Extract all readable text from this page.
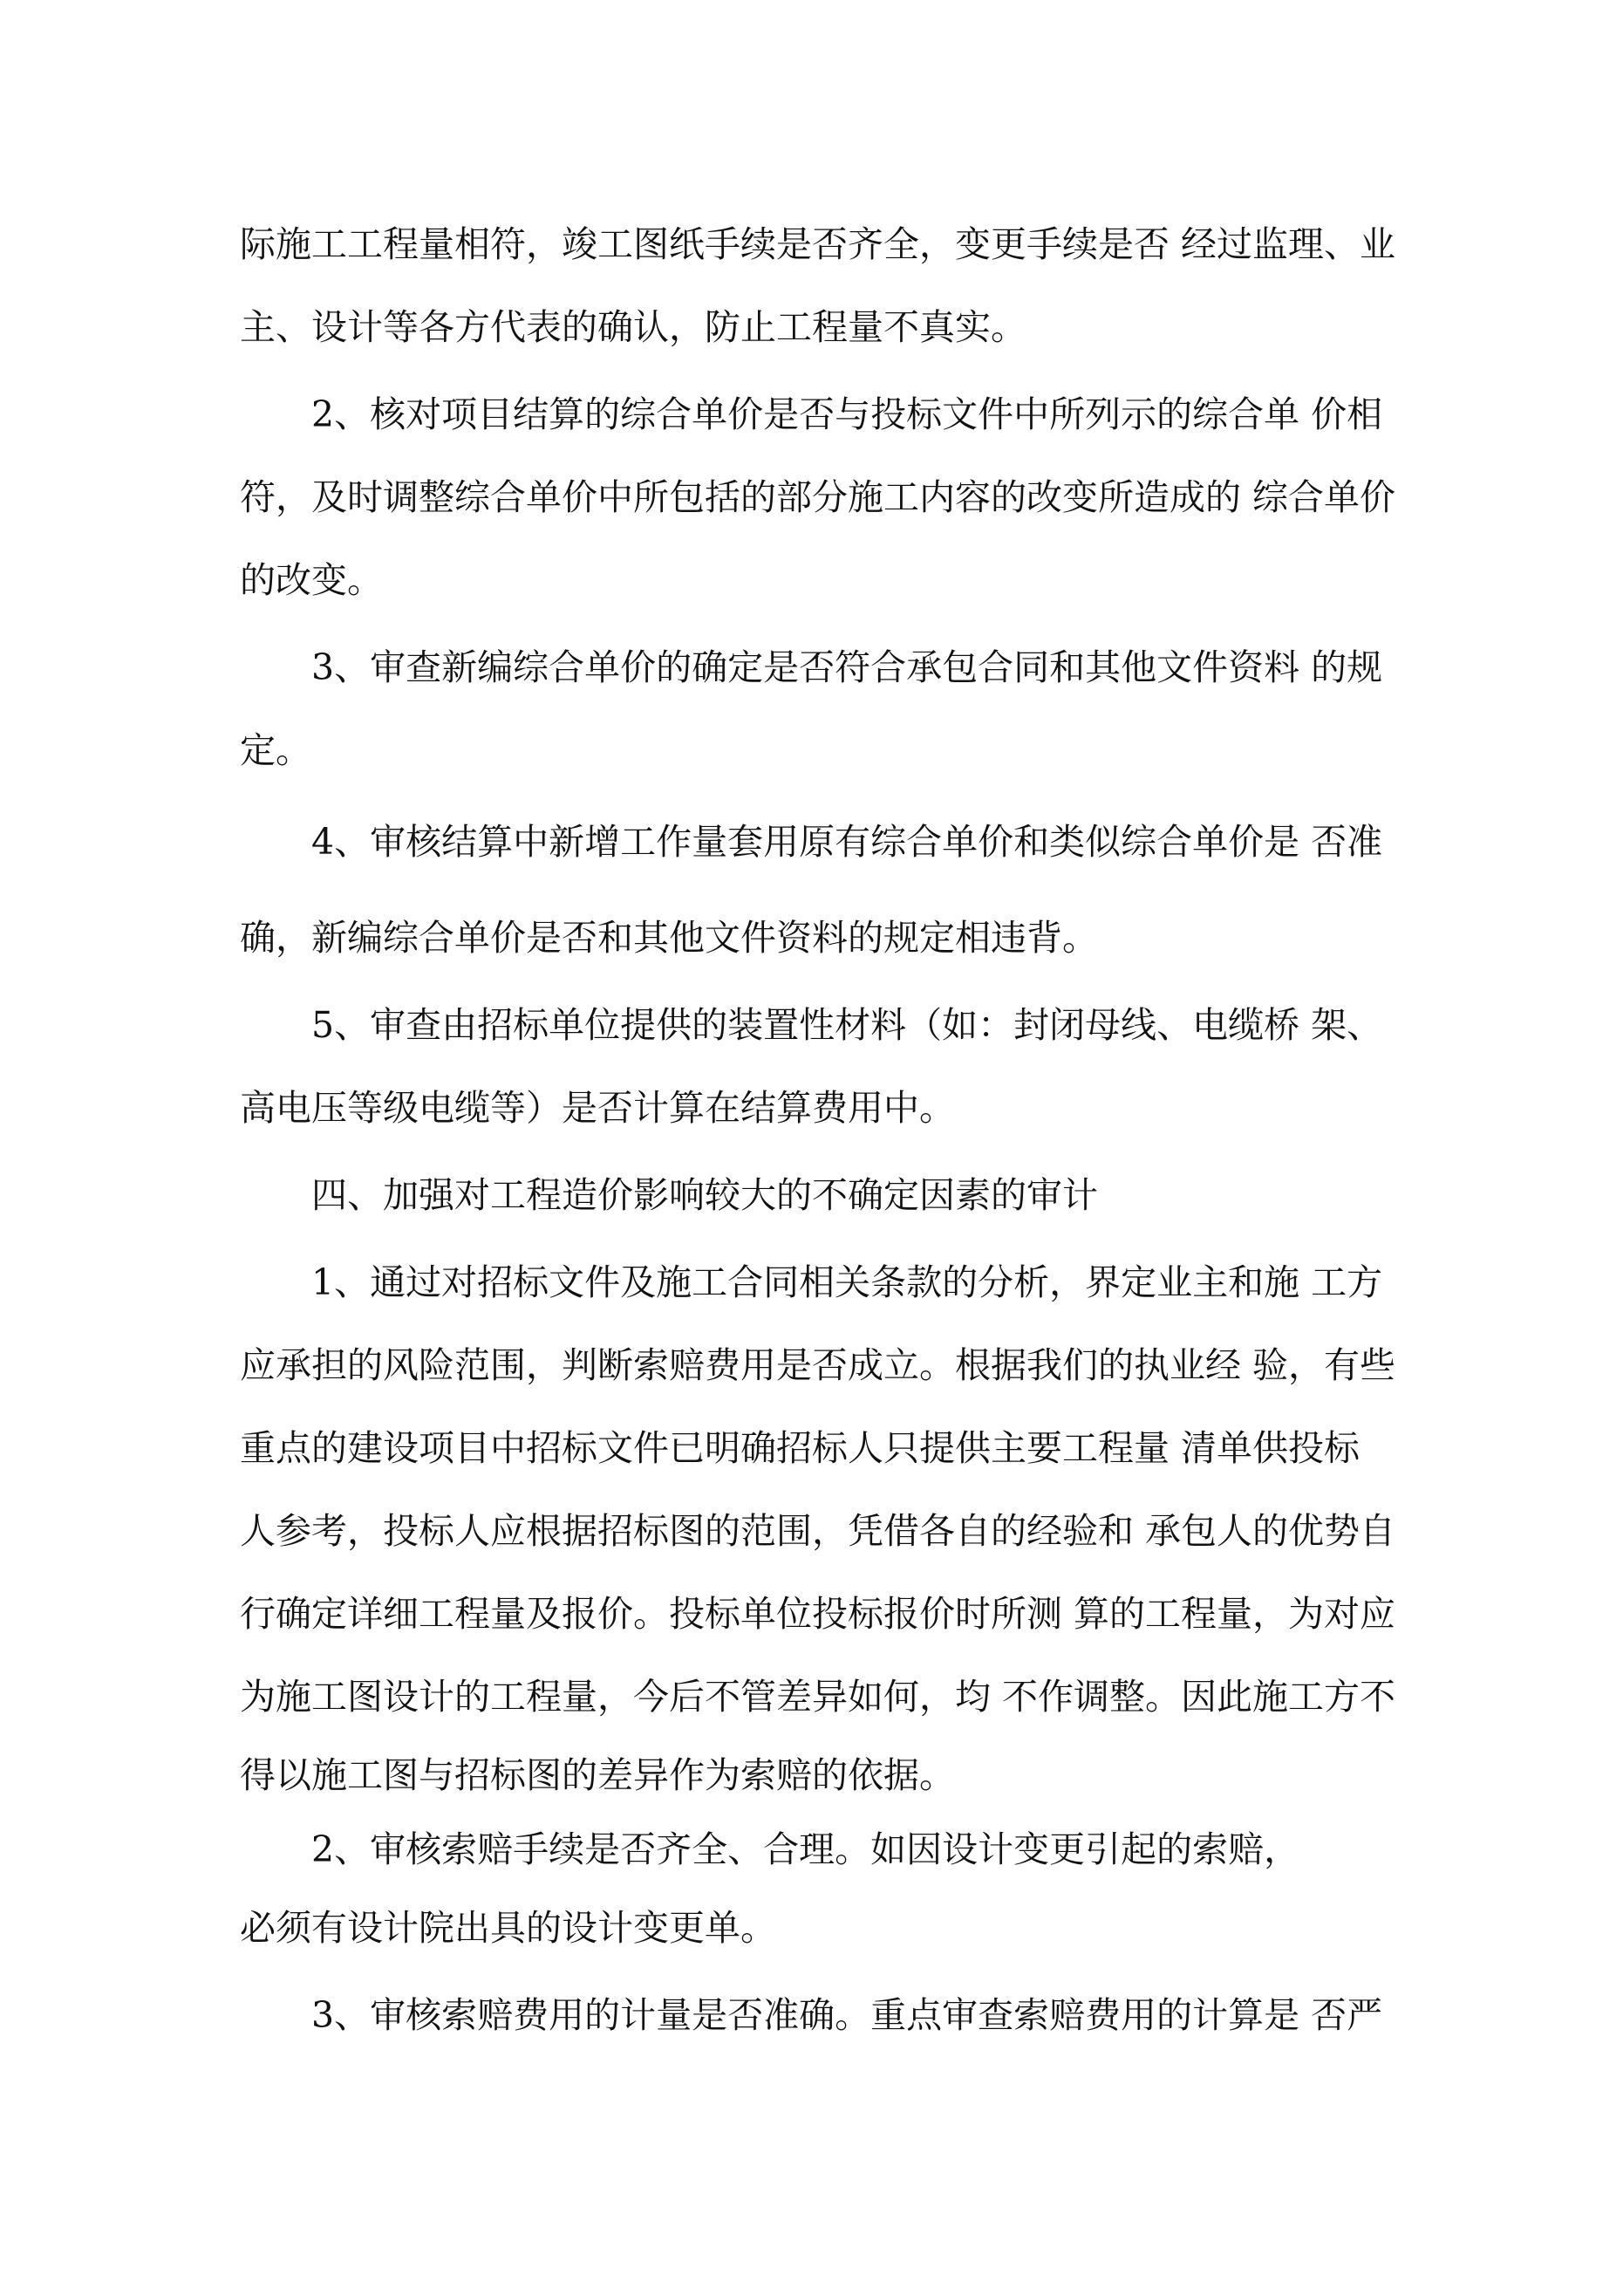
际施工工程量相符，竣工图纸手续是否齐全，变更手续是否 经过监理、业

主、设计等各方代表的确认，防止工程量不真实。

2、核对项目结算的综合单价是否与投标文件中所列示的综合单 价相

符，及时调整综合单价中所包括的部分施工内容的改变所造成的 综合单价

的改变。

3、审查新编综合单价的确定是否符合承包合同和其他文件资料 的规

定。

4、审核结算中新增工作量套用原有综合单价和类似综合单价是 否准

确，新编综合单价是否和其他文件资料的规定相违背。

5、审查由招标单位提供的装置性材料（如：封闭母线、电缆桥 架、

高电压等级电缆等）是否计算在结算费用中。

四、加强对工程造价影响较大的不确定因素的审计

1、通过对招标文件及施工合同相关条款的分析，界定业主和施 工方

应承担的风险范围，判断索赔费用是否成立。根据我们的执业经 验，有些

重点的建设项目中招标文件已明确招标人只提供主要工程量 清单供投标

人参考，投标人应根据招标图的范围，凭借各自的经验和 承包人的优势自

行确定详细工程量及报价。投标单位投标报价时所测 算的工程量，为对应

为施工图设计的工程量，今后不管差异如何，均 不作调整。因此施工方不

得以施工图与招标图的差异作为索赔的依据。

2、审核索赔手续是否齐全、合理。如因设计变更引起的索赔，

必须有设计院出具的设计变更单。

3、审核索赔费用的计量是否准确。重点审查索赔费用的计算是 否严
